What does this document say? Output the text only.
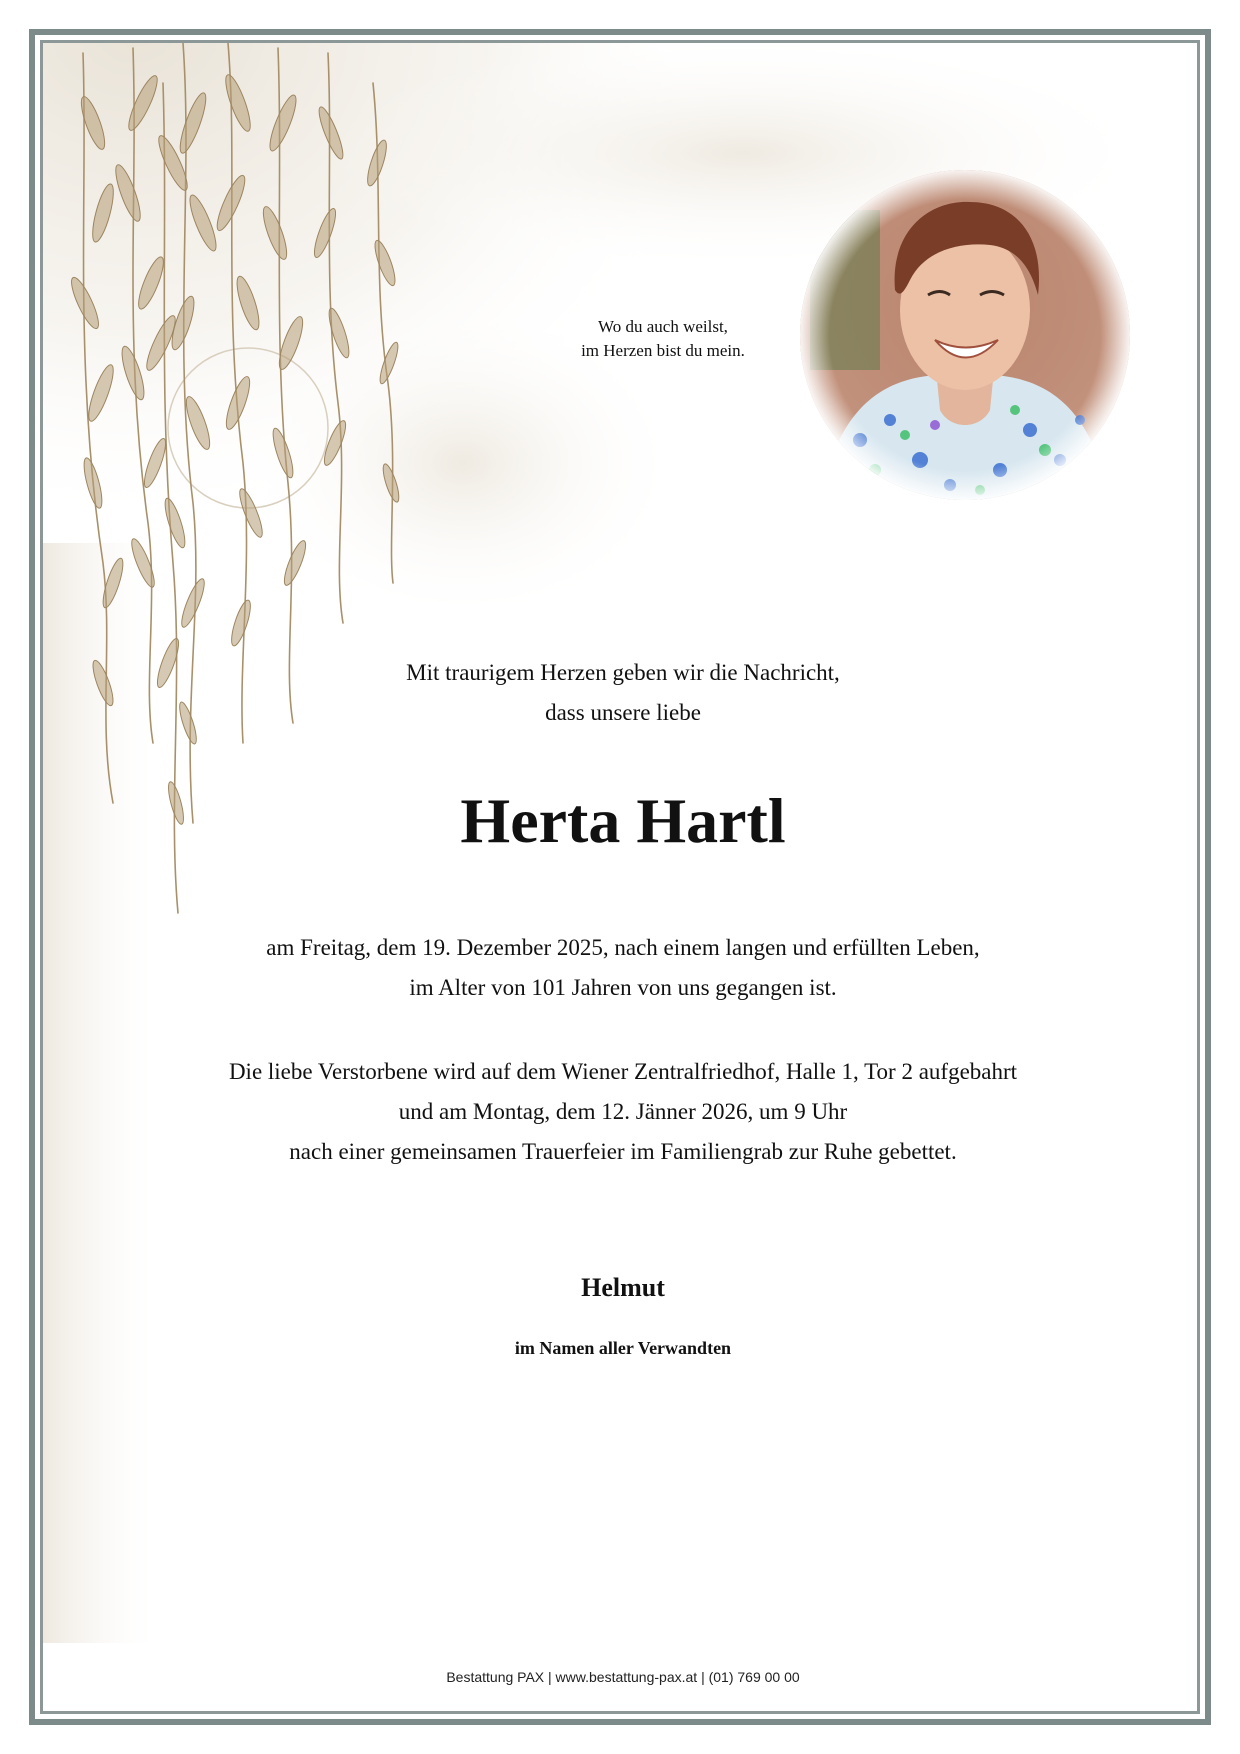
Wo du auch weilst,
im Herzen bist du mein.
Mit traurigem Herzen geben wir die Nachricht,
dass unsere liebe
Herta Hartl

am Freitag, dem 19. Dezember 2025, nach einem langen und erfüllten Leben,

im Alter von 101 Jahren von uns gegangen ist.

Die liebe Verstorbene wird auf dem Wiener Zentralfriedhof, Halle 1, Tor 2 aufgebahrt

und am Montag, dem 12. Jänner 2026, um 9 Uhr

nach einer gemeinsamen Trauerfeier im Familiengrab zur Ruhe gebettet.

Helmut
im Namen aller Verwandten
Bestattung PAX | www.bestattung-pax.at | (01) 769 00 00
